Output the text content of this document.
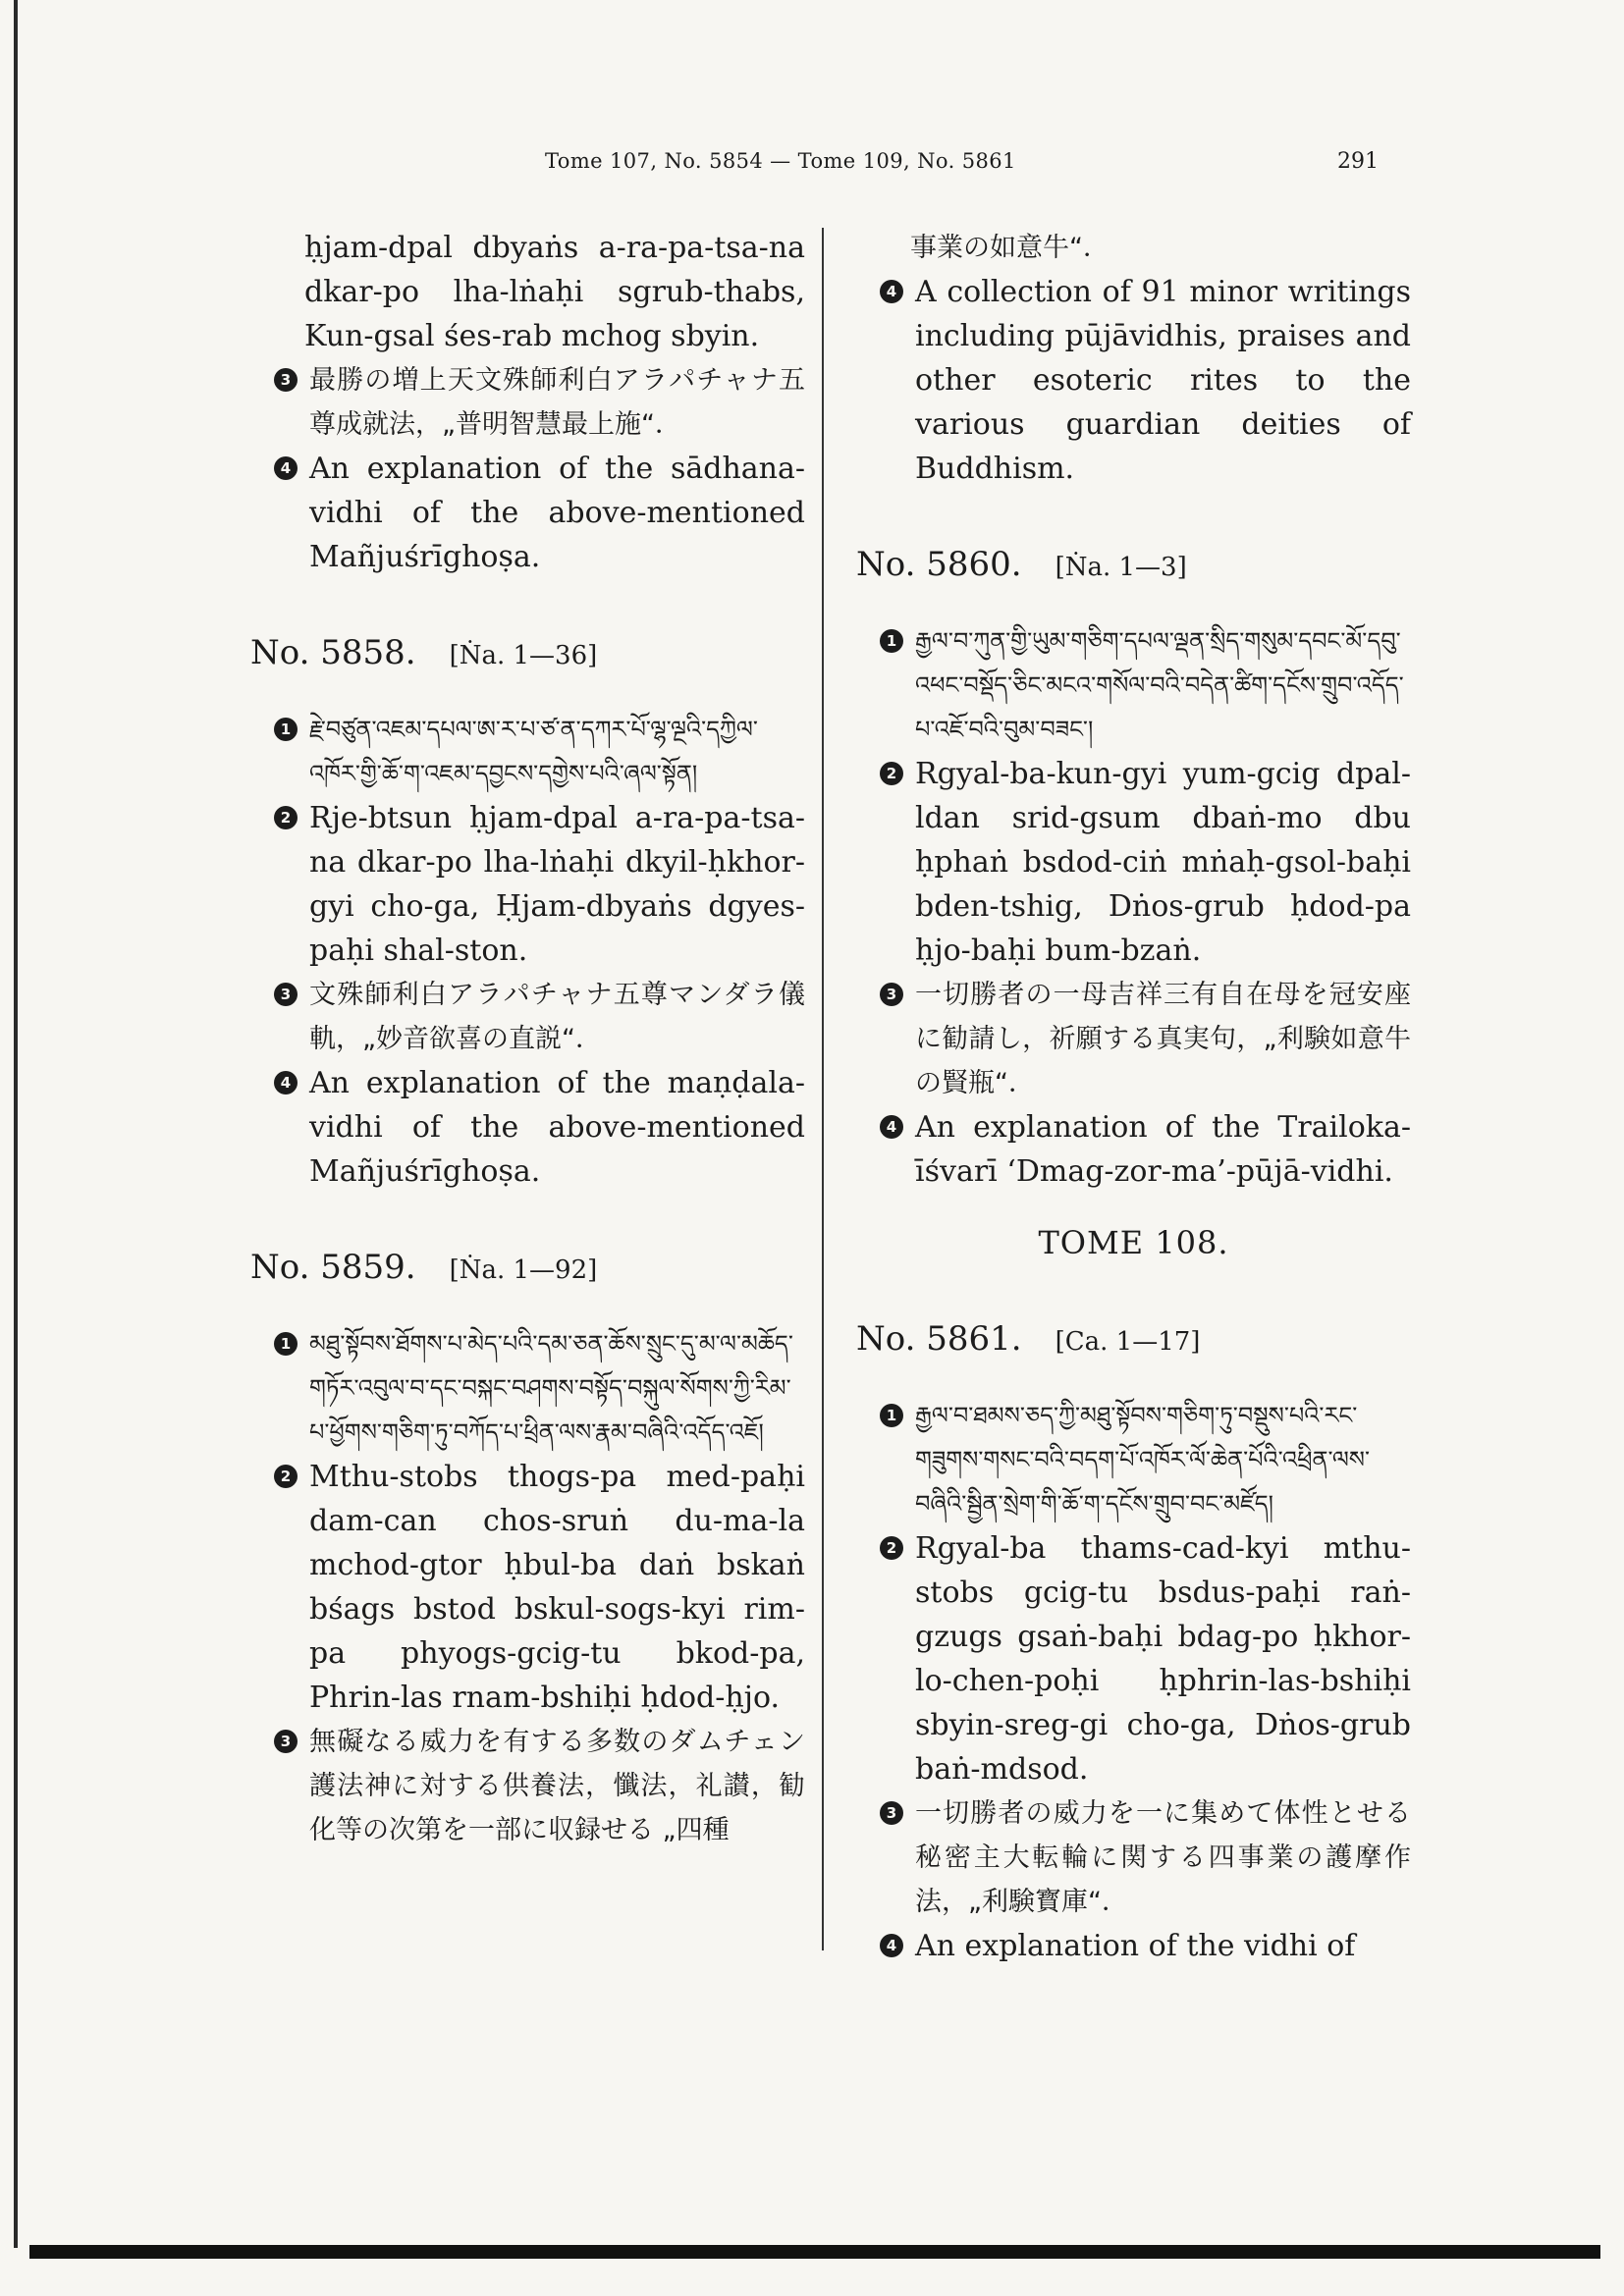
Tome 107, No. 5854 — Tome 109, No. 5861	291
ḥjam-dpal dbyaṅs a-ra-pa-tsa-na dkar-po lha-lṅaḥi sgrub-thabs, Kun-gsal śes-rab mchog sbyin.
3 最勝の増上天文殊師利白アラパチャナ五尊成就法，„普明智慧最上施“．
4 An explanation of the sādhana-vidhi of the above-mentioned Mañjuśrīghoṣa.
No. 5858. [Ṅa. 1—36]
1 རྗེ་བཙུན་འཇམ་དཔལ་ཨ་ར་པ་ཙ་ན་དཀར་པོ་ལྷ་ལྔའི་དཀྱིལ་འཁོར་གྱི་ཆོ་ག་འཇམ་དབྱངས་དགྱེས་པའི་ཞལ་སྟོན།
2 Rje-btsun ḥjam-dpal a-ra-pa-tsa-na dkar-po lha-lṅaḥi dkyil-ḥkhor-gyi cho-ga, Ḥjam-dbyaṅs dgyes-paḥi shal-ston.
3 文殊師利白アラパチャナ五尊マンダラ儀軌，„妙音欲喜の直説“．
4 An explanation of the maṇḍala-vidhi of the above-mentioned Mañjuśrīghoṣa.
No. 5859. [Ṅa. 1—92]
1 མཐུ་སྟོབས་ཐོགས་པ་མེད་པའི་དམ་ཅན་ཆོས་སྲུང་དུ་མ་ལ་མཆོད་གཏོར་འབུལ་བ་དང་བསྐང་བཤགས་བསྟོད་བསྐུལ་སོགས་ཀྱི་རིམ་པ་ཕྱོགས་གཅིག་ཏུ་བཀོད་པ་ཕྲིན་ལས་རྣམ་བཞིའི་འདོད་འཇོ།
2 Mthu-stobs thogs-pa med-paḥi dam-can chos-sruṅ du-ma-la mchod-gtor ḥbul-ba daṅ bskaṅ bśags bstod bskul-sogs-kyi rim-pa phyogs-gcig-tu bkod-pa, Phrin-las rnam-bshiḥi ḥdod-ḥjo.
3 無礙なる威力を有する多数のダムチェン護法神に対する供養法，懺法，礼讃，勧化等の次第を一部に収録せる „四種
事業の如意牛“．
4 A collection of 91 minor writings including pūjāvidhis, praises and other esoteric rites to the various guardian deities of Buddhism.
No. 5860. [Ṅa. 1—3]
1 རྒྱལ་བ་ཀུན་གྱི་ཡུམ་གཅིག་དཔལ་ལྡན་སྲིད་གསུམ་དབང་མོ་དབུ་འཕང་བསྡོད་ཅིང་མངའ་གསོལ་བའི་བདེན་ཚིག་དངོས་གྲུབ་འདོད་པ་འཇོ་བའི་བུམ་བཟང་།
2 Rgyal-ba-kun-gyi yum-gcig dpal-ldan srid-gsum dbaṅ-mo dbu ḥphaṅ bsdod-ciṅ mṅaḥ-gsol-baḥi bden-tshig, Dṅos-grub ḥdod-pa ḥjo-baḥi bum-bzaṅ.
3 一切勝者の一母吉祥三有自在母を冠安座に勧請し，祈願する真実句，„利験如意牛の賢瓶“．
4 An explanation of the Trailoka-īśvarī ‘Dmag-zor-ma’-pūjā-vidhi.
TOME 108.
No. 5861. [Ca. 1—17]
1 རྒྱལ་བ་ཐམས་ཅད་ཀྱི་མཐུ་སྟོབས་གཅིག་ཏུ་བསྡུས་པའི་རང་གཟུགས་གསང་བའི་བདག་པོ་འཁོར་ལོ་ཆེན་པོའི་འཕྲིན་ལས་བཞིའི་སྦྱིན་སྲེག་གི་ཆོ་ག་དངོས་གྲུབ་བང་མཛོད།
2 Rgyal-ba thams-cad-kyi mthu-stobs gcig-tu bsdus-paḥi raṅ-gzugs gsaṅ-baḥi bdag-po ḥkhor-lo-chen-poḥi ḥphrin-las-bshiḥi sbyin-sreg-gi cho-ga, Dṅos-grub baṅ-mdsod.
3 一切勝者の威力を一に集めて体性とせる秘密主大転輪に関する四事業の護摩作法，„利験寳庫“．
4 An explanation of the vidhi of
